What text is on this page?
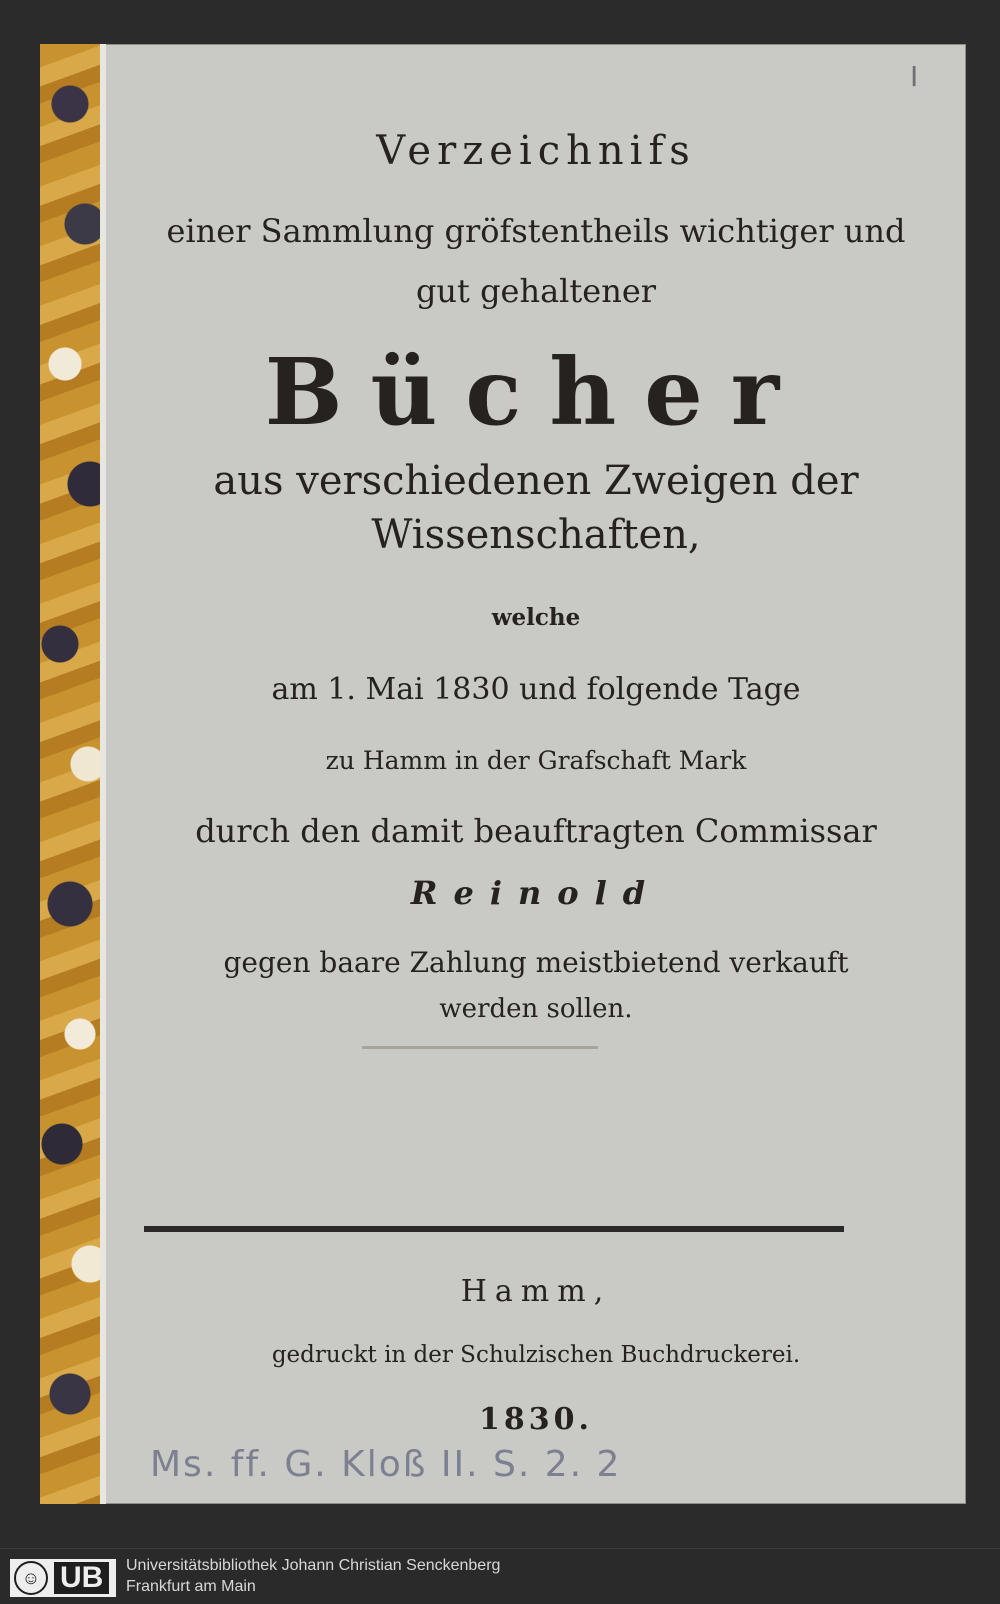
I

Verzeichnifs

einer Sammlung gröfstentheils wichtiger und

gut gehaltener

Bücher

aus verschiedenen Zweigen der

Wissenschaften,

welche

am 1. Mai 1830 und folgende Tage

zu Hamm in der Grafschaft Mark

durch den damit beauftragten Commissar

Reinold

gegen baare Zahlung meistbietend verkauft

werden sollen.

Hamm,

gedruckt in der Schulzischen Buchdruckerei.

1830.

Ms. ff. G. Kloß II. S. 2. 2

☺ UB	Universitätsbibliothek Johann Christian Senckenberg

Frankfurt am Main
